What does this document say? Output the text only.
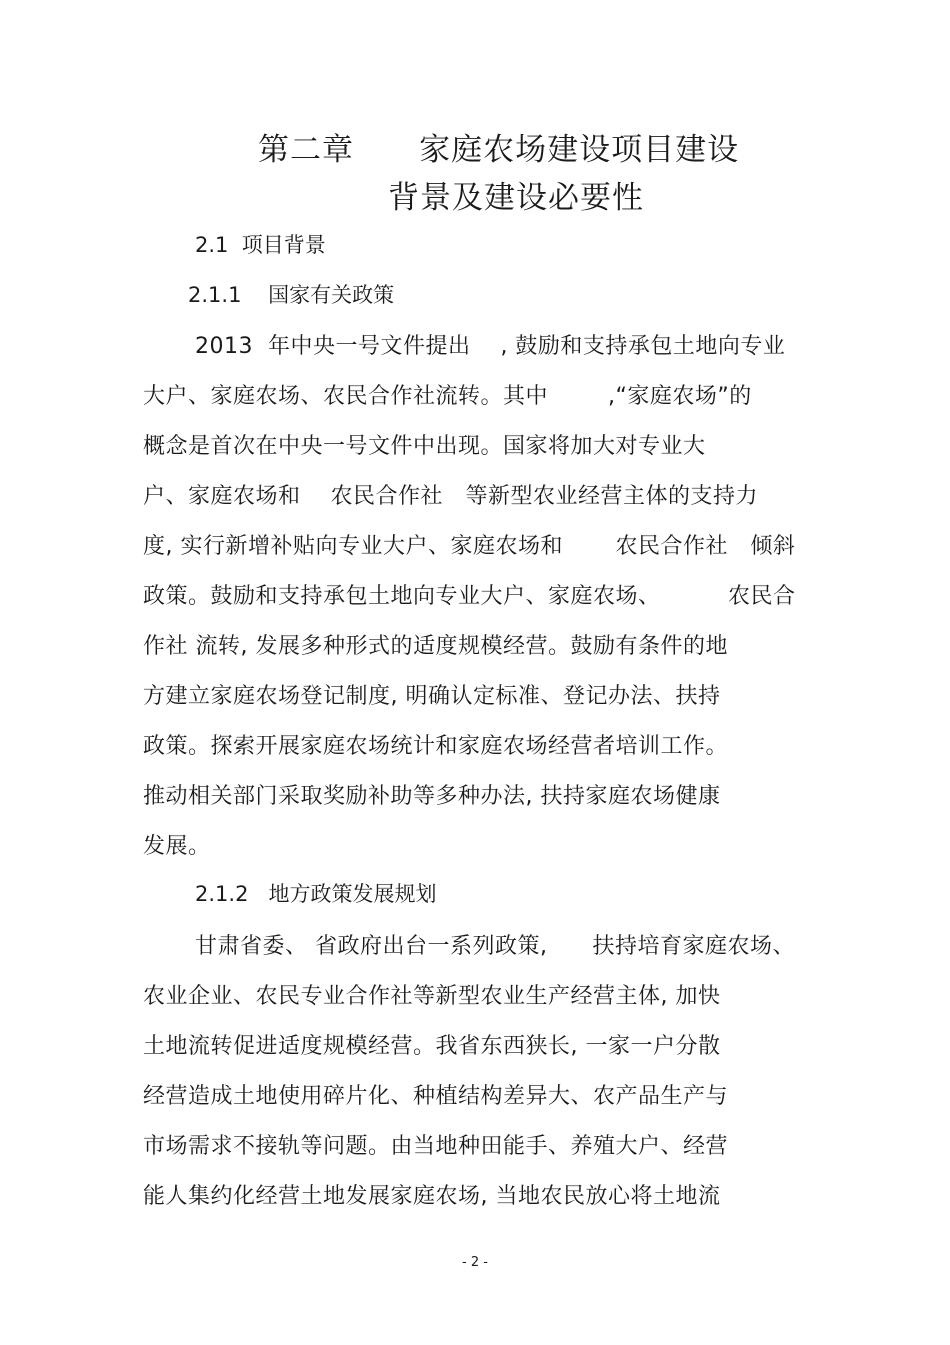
第二章      家庭农场建设项目建设
背景及建设必要性
2.1  项目背景
2.1.1    国家有关政策
2013  年中央一号文件提出    , 鼓励和支持承包土地向专业
大户、家庭农场、农民合作社流转。其中        ,“家庭农场”的
概念是首次在中央一号文件中出现。国家将加大对专业大
户、家庭农场和    农民合作社   等新型农业经营主体的支持力
度, 实行新增补贴向专业大户、家庭农场和       农民合作社   倾斜
政策。鼓励和支持承包土地向专业大户、家庭农场、         农民合
作社 流转, 发展多种形式的适度规模经营。鼓励有条件的地
方建立家庭农场登记制度, 明确认定标准、登记办法、扶持
政策。探索开展家庭农场统计和家庭农场经营者培训工作。
推动相关部门采取奖励补助等多种办法, 扶持家庭农场健康
发展。
2.1.2   地方政策发展规划
甘肃省委、 省政府出台一系列政策,      扶持培育家庭农场、
农业企业、农民专业合作社等新型农业生产经营主体, 加快
土地流转促进适度规模经营。我省东西狭长, 一家一户分散
经营造成土地使用碎片化、种植结构差异大、农产品生产与
市场需求不接轨等问题。由当地种田能手、养殖大户、经营
能人集约化经营土地发展家庭农场, 当地农民放心将土地流
- 2 -
